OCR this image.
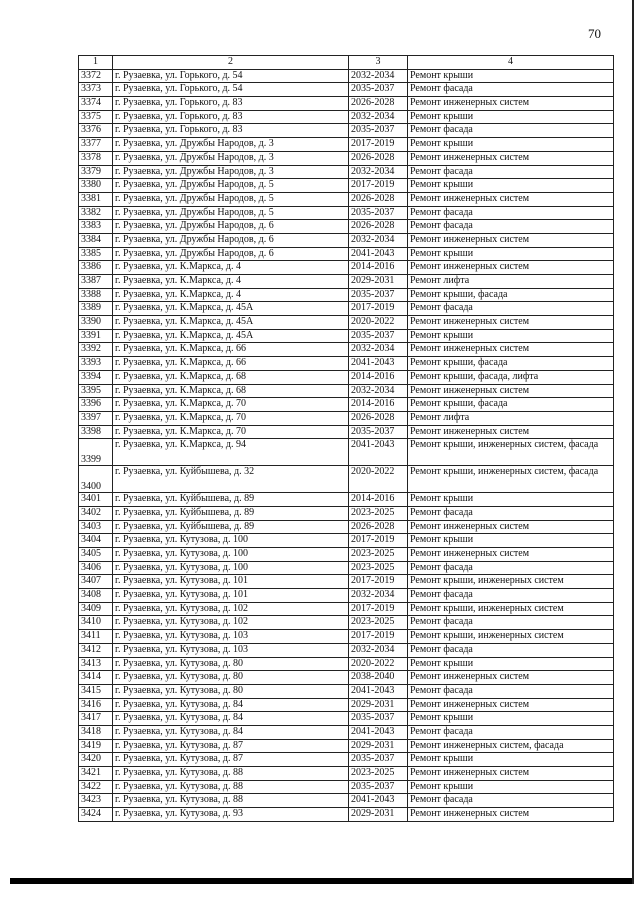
70
1	2	3	4
3372	г. Рузаевка, ул. Горького, д. 54	2032-2034	Ремонт крыши
3373	г. Рузаевка, ул. Горького, д. 54	2035-2037	Ремонт фасада
3374	г. Рузаевка, ул. Горького, д. 83	2026-2028	Ремонт инженерных систем
3375	г. Рузаевка, ул. Горького, д. 83	2032-2034	Ремонт крыши
3376	г. Рузаевка, ул. Горького, д. 83	2035-2037	Ремонт фасада
3377	г. Рузаевка, ул. Дружбы Народов, д. 3	2017-2019	Ремонт крыши
3378	г. Рузаевка, ул. Дружбы Народов, д. 3	2026-2028	Ремонт инженерных систем
3379	г. Рузаевка, ул. Дружбы Народов, д. 3	2032-2034	Ремонт фасада
3380	г. Рузаевка, ул. Дружбы Народов, д. 5	2017-2019	Ремонт крыши
3381	г. Рузаевка, ул. Дружбы Народов, д. 5	2026-2028	Ремонт инженерных систем
3382	г. Рузаевка, ул. Дружбы Народов, д. 5	2035-2037	Ремонт фасада
3383	г. Рузаевка, ул. Дружбы Народов, д. 6	2026-2028	Ремонт фасада
3384	г. Рузаевка, ул. Дружбы Народов, д. 6	2032-2034	Ремонт инженерных систем
3385	г. Рузаевка, ул. Дружбы Народов, д. 6	2041-2043	Ремонт крыши
3386	г. Рузаевка, ул. К.Маркса, д. 4	2014-2016	Ремонт инженерных систем
3387	г. Рузаевка, ул. К.Маркса, д. 4	2029-2031	Ремонт лифта
3388	г. Рузаевка, ул. К.Маркса, д. 4	2035-2037	Ремонт крыши, фасада
3389	г. Рузаевка, ул. К.Маркса, д. 45А	2017-2019	Ремонт фасада
3390	г. Рузаевка, ул. К.Маркса, д. 45А	2020-2022	Ремонт инженерных систем
3391	г. Рузаевка, ул. К.Маркса, д. 45А	2035-2037	Ремонт крыши
3392	г. Рузаевка, ул. К.Маркса, д. 66	2032-2034	Ремонт инженерных систем
3393	г. Рузаевка, ул. К.Маркса, д. 66	2041-2043	Ремонт крыши, фасада
3394	г. Рузаевка, ул. К.Маркса, д. 68	2014-2016	Ремонт крыши, фасада, лифта
3395	г. Рузаевка, ул. К.Маркса, д. 68	2032-2034	Ремонт инженерных систем
3396	г. Рузаевка, ул. К.Маркса, д. 70	2014-2016	Ремонт крыши, фасада
3397	г. Рузаевка, ул. К.Маркса, д. 70	2026-2028	Ремонт лифта
3398	г. Рузаевка, ул. К.Маркса, д. 70	2035-2037	Ремонт инженерных систем
3399	г. Рузаевка, ул. К.Маркса, д. 94	2041-2043	Ремонт крыши, инженерных систем, фасада
3400	г. Рузаевка, ул. Куйбышева, д. 32	2020-2022	Ремонт крыши, инженерных систем, фасада
3401	г. Рузаевка, ул. Куйбышева, д. 89	2014-2016	Ремонт крыши
3402	г. Рузаевка, ул. Куйбышева, д. 89	2023-2025	Ремонт фасада
3403	г. Рузаевка, ул. Куйбышева, д. 89	2026-2028	Ремонт инженерных систем
3404	г. Рузаевка, ул. Кутузова, д. 100	2017-2019	Ремонт крыши
3405	г. Рузаевка, ул. Кутузова, д. 100	2023-2025	Ремонт инженерных систем
3406	г. Рузаевка, ул. Кутузова, д. 100	2023-2025	Ремонт фасада
3407	г. Рузаевка, ул. Кутузова, д. 101	2017-2019	Ремонт крыши, инженерных систем
3408	г. Рузаевка, ул. Кутузова, д. 101	2032-2034	Ремонт фасада
3409	г. Рузаевка, ул. Кутузова, д. 102	2017-2019	Ремонт крыши, инженерных систем
3410	г. Рузаевка, ул. Кутузова, д. 102	2023-2025	Ремонт фасада
3411	г. Рузаевка, ул. Кутузова, д. 103	2017-2019	Ремонт крыши, инженерных систем
3412	г. Рузаевка, ул. Кутузова, д. 103	2032-2034	Ремонт фасада
3413	г. Рузаевка, ул. Кутузова, д. 80	2020-2022	Ремонт крыши
3414	г. Рузаевка, ул. Кутузова, д. 80	2038-2040	Ремонт инженерных систем
3415	г. Рузаевка, ул. Кутузова, д. 80	2041-2043	Ремонт фасада
3416	г. Рузаевка, ул. Кутузова, д. 84	2029-2031	Ремонт инженерных систем
3417	г. Рузаевка, ул. Кутузова, д. 84	2035-2037	Ремонт крыши
3418	г. Рузаевка, ул. Кутузова, д. 84	2041-2043	Ремонт фасада
3419	г. Рузаевка, ул. Кутузова, д. 87	2029-2031	Ремонт инженерных систем, фасада
3420	г. Рузаевка, ул. Кутузова, д. 87	2035-2037	Ремонт крыши
3421	г. Рузаевка, ул. Кутузова, д. 88	2023-2025	Ремонт инженерных систем
3422	г. Рузаевка, ул. Кутузова, д. 88	2035-2037	Ремонт крыши
3423	г. Рузаевка, ул. Кутузова, д. 88	2041-2043	Ремонт фасада
3424	г. Рузаевка, ул. Кутузова, д. 93	2029-2031	Ремонт инженерных систем
